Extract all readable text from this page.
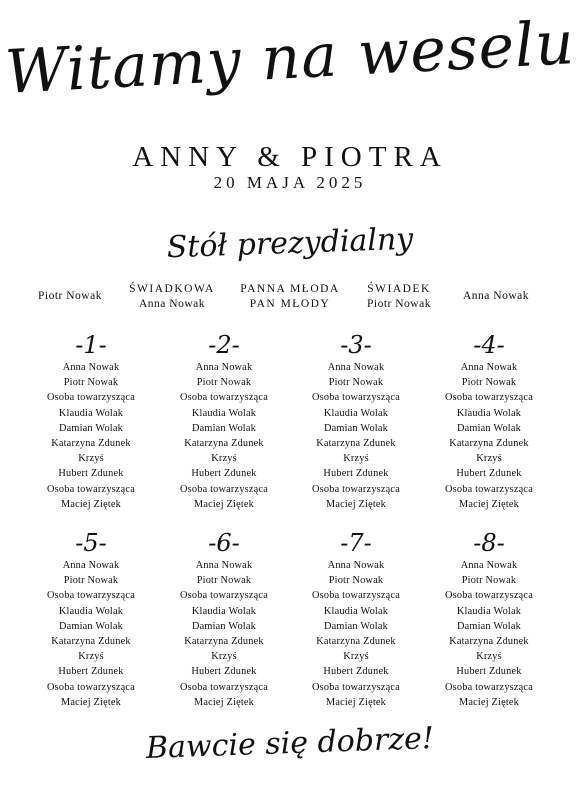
Witamy na weselu
ANNY & PIOTRA
20 MAJA 2025
Stół prezydialny
Piotr Nowak
ŚWIADKOWA
Anna Nowak
PANNA MŁODA
PAN MŁODY
ŚWIADEK
Piotr Nowak
Anna Nowak
-1-
Anna Nowak
Piotr Nowak
Osoba towarzysząca
Klaudia Wolak
Damian Wolak
Katarzyna Zdunek
Krzyś
Hubert Zdunek
Osoba towarzysząca
Maciej Ziętek
-2-
Anna Nowak
Piotr Nowak
Osoba towarzysząca
Klaudia Wolak
Damian Wolak
Katarzyna Zdunek
Krzyś
Hubert Zdunek
Osoba towarzysząca
Maciej Ziętek
-3-
Anna Nowak
Piotr Nowak
Osoba towarzysząca
Klaudia Wolak
Damian Wolak
Katarzyna Zdunek
Krzyś
Hubert Zdunek
Osoba towarzysząca
Maciej Ziętek
-4-
Anna Nowak
Piotr Nowak
Osoba towarzysząca
Klaudia Wolak
Damian Wolak
Katarzyna Zdunek
Krzyś
Hubert Zdunek
Osoba towarzysząca
Maciej Ziętek
-5-
Anna Nowak
Piotr Nowak
Osoba towarzysząca
Klaudia Wolak
Damian Wolak
Katarzyna Zdunek
Krzyś
Hubert Zdunek
Osoba towarzysząca
Maciej Ziętek
-6-
Anna Nowak
Piotr Nowak
Osoba towarzysząca
Klaudia Wolak
Damian Wolak
Katarzyna Zdunek
Krzyś
Hubert Zdunek
Osoba towarzysząca
Maciej Ziętek
-7-
Anna Nowak
Piotr Nowak
Osoba towarzysząca
Klaudia Wolak
Damian Wolak
Katarzyna Zdunek
Krzyś
Hubert Zdunek
Osoba towarzysząca
Maciej Ziętek
-8-
Anna Nowak
Piotr Nowak
Osoba towarzysząca
Klaudia Wolak
Damian Wolak
Katarzyna Zdunek
Krzyś
Hubert Zdunek
Osoba towarzysząca
Maciej Ziętek
Bawcie się dobrze!
